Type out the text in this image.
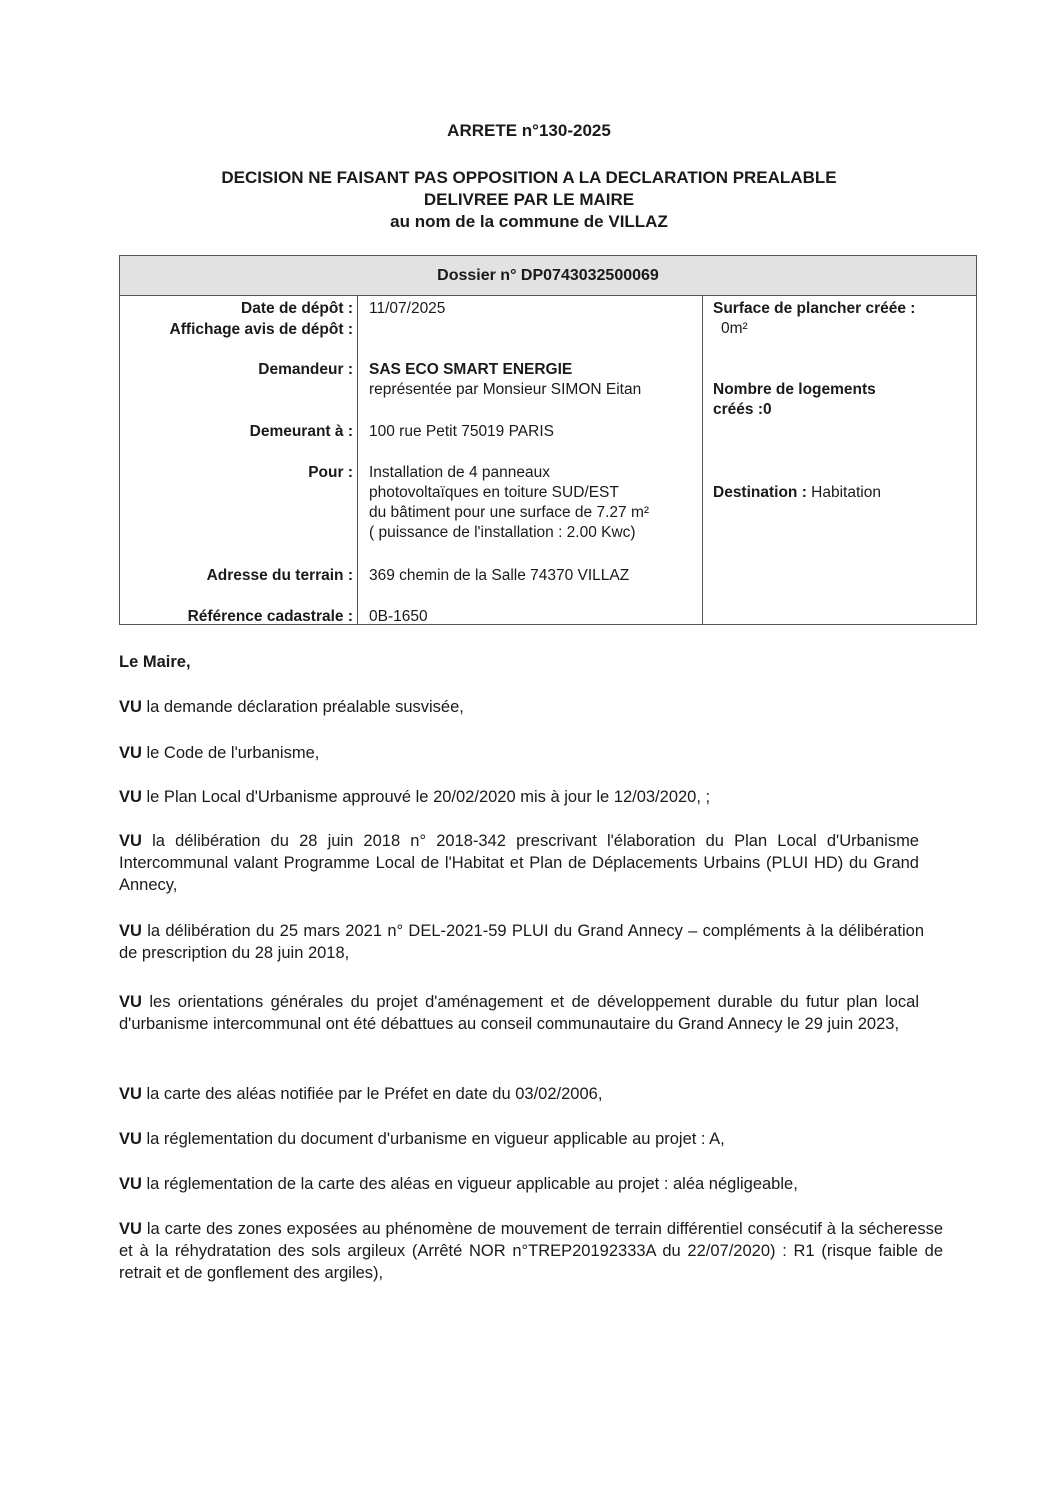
ARRETE n°130-2025
DECISION NE FAISANT PAS OPPOSITION A LA DECLARATION PREALABLE
DELIVREE PAR LE MAIRE
au nom de la commune de VILLAZ
Dossier n° DP0743032500069
Date de dépôt : 11/07/2025
Affichage avis de dépôt :
Demandeur : SAS ECO SMART ENERGIE
représentée par Monsieur SIMON Eitan
Demeurant à : 100 rue Petit 75019 PARIS
Pour : Installation de 4 panneaux
photovoltaïques en toiture SUD/EST
du bâtiment pour une surface de 7.27 m²
( puissance de l'installation : 2.00 Kwc)
Adresse du terrain : 369 chemin de la Salle 74370 VILLAZ
Référence cadastrale : 0B-1650
Surface de plancher créée :
0m²
Nombre de logements
créés :0
Destination : Habitation
Le Maire,
VU la demande déclaration préalable susvisée,
VU le Code de l'urbanisme,
VU le Plan Local d'Urbanisme approuvé le 20/02/2020 mis à jour le 12/03/2020, ;
VU la délibération du 28 juin 2018 n° 2018-342 prescrivant l'élaboration du Plan Local d'Urbanisme Intercommunal valant Programme Local de l'Habitat et Plan de Déplacements Urbains (PLUI HD) du Grand Annecy,
VU la délibération du 25 mars 2021 n° DEL-2021-59 PLUI du Grand Annecy – compléments à la délibération de prescription du 28 juin 2018,
VU les orientations générales du projet d'aménagement et de développement durable du futur plan local d'urbanisme intercommunal ont été débattues au conseil communautaire du Grand Annecy le 29 juin 2023,
VU la carte des aléas notifiée par le Préfet en date du 03/02/2006,
VU la réglementation du document d'urbanisme en vigueur applicable au projet : A,
VU la réglementation de la carte des aléas en vigueur applicable au projet : aléa négligeable,
VU la carte des zones exposées au phénomène de mouvement de terrain différentiel consécutif à la sécheresse et à la réhydratation des sols argileux (Arrêté NOR n°TREP20192333A du 22/07/2020) : R1 (risque faible de retrait et de gonflement des argiles),
